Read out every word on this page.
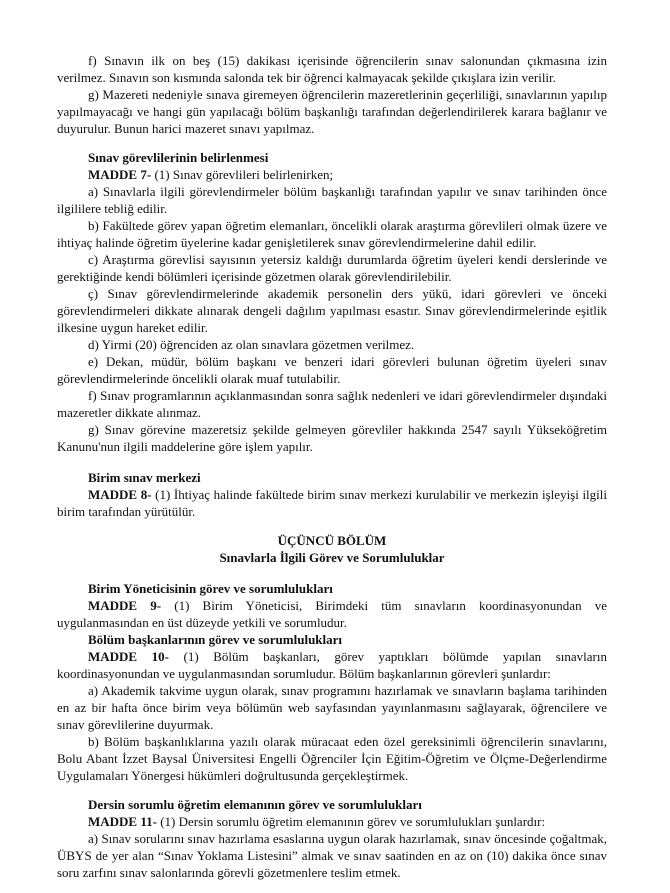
f) Sınavın ilk on beş (15) dakikası içerisinde öğrencilerin sınav salonundan çıkmasına izin verilmez. Sınavın son kısmında salonda tek bir öğrenci kalmayacak şekilde çıkışlara izin verilir.

g) Mazereti nedeniyle sınava giremeyen öğrencilerin mazeretlerinin geçerliliği, sınavlarının yapılıp yapılmayacağı ve hangi gün yapılacağı bölüm başkanlığı tarafından değerlendirilerek karara bağlanır ve duyurulur. Bunun harici mazeret sınavı yapılmaz.

Sınav görevlilerinin belirlenmesi

MADDE 7- (1) Sınav görevlileri belirlenirken;

a) Sınavlarla ilgili görevlendirmeler bölüm başkanlığı tarafından yapılır ve sınav tarihinden önce ilgililere tebliğ edilir.

b) Fakültede görev yapan öğretim elemanları, öncelikli olarak araştırma görevlileri olmak üzere ve ihtiyaç halinde öğretim üyelerine kadar genişletilerek sınav görevlendirmelerine dahil edilir.

c) Araştırma görevlisi sayısının yetersiz kaldığı durumlarda öğretim üyeleri kendi derslerinde ve gerektiğinde kendi bölümleri içerisinde gözetmen olarak görevlendirilebilir.

ç) Sınav görevlendirmelerinde akademik personelin ders yükü, idari görevleri ve önceki görevlendirmeleri dikkate alınarak dengeli dağılım yapılması esastır. Sınav görevlendirmelerinde eşitlik ilkesine uygun hareket edilir.

d) Yirmi (20) öğrenciden az olan sınavlara gözetmen verilmez.

e) Dekan, müdür, bölüm başkanı ve benzeri idari görevleri bulunan öğretim üyeleri sınav görevlendirmelerinde öncelikli olarak muaf tutulabilir.

f) Sınav programlarının açıklanmasından sonra sağlık nedenleri ve idari görevlendirmeler dışındaki mazeretler dikkate alınmaz.

g) Sınav görevine mazeretsiz şekilde gelmeyen görevliler hakkında 2547 sayılı Yükseköğretim Kanunu'nun ilgili maddelerine göre işlem yapılır.

Birim sınav merkezi

MADDE 8- (1) İhtiyaç halinde fakültede birim sınav merkezi kurulabilir ve merkezin işleyişi ilgili birim tarafından yürütülür.

ÜÇÜNCÜ BÖLÜM

Sınavlarla İlgili Görev ve Sorumluluklar

Birim Yöneticisinin görev ve sorumlulukları

MADDE 9- (1) Birim Yöneticisi, Birimdeki tüm sınavların koordinasyonundan ve uygulanmasından en üst düzeyde yetkili ve sorumludur.

Bölüm başkanlarının görev ve sorumlulukları

MADDE 10- (1) Bölüm başkanları, görev yaptıkları bölümde yapılan sınavların koordinasyonundan ve uygulanmasından sorumludur. Bölüm başkanlarının görevleri şunlardır:

a) Akademik takvime uygun olarak, sınav programını hazırlamak ve sınavların başlama tarihinden en az bir hafta önce birim veya bölümün web sayfasından yayınlanmasını sağlayarak, öğrencilere ve sınav görevlilerine duyurmak.

b) Bölüm başkanlıklarına yazılı olarak müracaat eden özel gereksinimli öğrencilerin sınavlarını, Bolu Abant İzzet Baysal Üniversitesi Engelli Öğrenciler İçin Eğitim-Öğretim ve Ölçme-Değerlendirme Uygulamaları Yönergesi hükümleri doğrultusunda gerçekleştirmek.

Dersin sorumlu öğretim elemanının görev ve sorumlulukları

MADDE 11- (1) Dersin sorumlu öğretim elemanının görev ve sorumlulukları şunlardır:

a) Sınav sorularını sınav hazırlama esaslarına uygun olarak hazırlamak, sınav öncesinde çoğaltmak, ÜBYS de yer alan “Sınav Yoklama Listesini” almak ve sınav saatinden en az on (10) dakika önce sınav soru zarfını sınav salonlarında görevli gözetmenlere teslim etmek.
